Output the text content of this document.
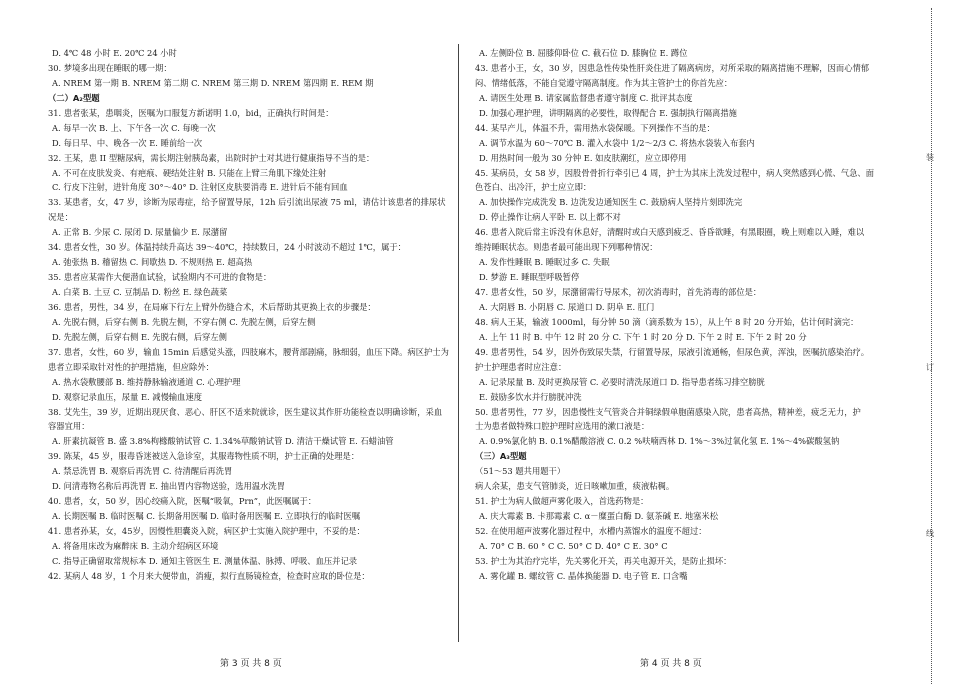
D. 4℃ 48 小时 E. 20℃ 24 小时
30. 梦境多出现在睡眠的哪一期：
A. NREM 第一期 B. NREM 第二期 C. NREM 第三期 D. NREM 第四期 E. REM 期
（二）A₂型题
31. 患者张某，患咽炎，医嘱为口服复方新诺明 1.0，bid，正确执行时间是：
A. 每早一次 B. 上、下午各一次 C. 每晚一次
D. 每日早、中、晚各一次 E. 睡前给一次
32. 王某，患 II 型糖尿病，需长期注射胰岛素，出院时护士对其进行健康指导不当的是：
A. 不可在皮肤发炎、有疤痕、硬结处注射 B. 只能在上臂三角肌下缘处注射
C. 行皮下注射，进针角度 30°～40° D. 注射区皮肤要消毒 E. 进针后不能有回血
33. 某患者，女，47 岁，诊断为尿毒症，给予留置导尿，12h 后引流出尿液 75 ml，请估计该患者的排尿状
况是：
A. 正常 B. 少尿 C. 尿闭 D. 尿量偏少 E. 尿潴留
34. 患者女性，30 岁。体温持续升高达 39～40℃，持续数日，24 小时波动不超过 1℃，属于：
A. 弛张热 B. 稽留热 C. 间歇热 D. 不规则热 E. 超高热
35. 患者应某需作大便潜血试验，试验期内不可进的食物是：
A. 白菜 B. 土豆 C. 豆制品 D. 粉丝 E. 绿色蔬菜
36. 患者，男性，34 岁，在局麻下行左上臂外伤缝合术，术后帮助其更换上衣的步骤是：
A. 先脱右侧，后穿右侧 B. 先脱左侧，不穿右侧 C. 先脱左侧，后穿左侧
D. 先脱左侧，后穿右侧 E. 先脱右侧，后穿左侧
37. 患者，女性，60 岁，输血 15min 后感觉头涨，四肢麻木，腰背部剧痛，脉细弱，血压下降。病区护士为
患者立即采取针对性的护理措施，但应除外：
A. 热水袋敷腰部 B. 维持静脉输液通道 C. 心理护理
D. 观察记录血压，尿量 E. 减慢输血速度
38. 艾先生，39 岁，近期出现厌食、恶心、肝区不适来院就诊，医生建议其作肝功能检查以明确诊断，采血
容器宜用：
A. 肝素抗凝管 B. 盛 3.8%枸橼酸钠试管 C. 1.34%草酸钠试管 D. 清洁干燥试管 E. 石蜡油管
39. 陈某，45 岁，服毒昏迷被送入急诊室，其服毒物性质不明，护士正确的处理是：
A. 禁忌洗胃 B. 观察后再洗胃 C. 待清醒后再洗胃
D. 问清毒物名称后再洗胃 E. 抽出胃内容物送验，选用温水洗胃
40. 患者，女，50 岁，因心绞痛入院，医嘱“吸氧，Prn”，此医嘱属于：
A. 长期医嘱 B. 临时医嘱 C. 长期备用医嘱 D. 临时备用医嘱 E. 立即执行的临时医嘱
41. 患者孙某，女，45岁，因慢性胆囊炎入院，病区护士实施入院护理中，不妥的是：
A. 将备用床改为麻醉床 B. 主动介绍病区环境
C. 指导正确留取常规标本 D. 通知主管医生 E. 测量体温、脉搏、呼吸、血压并记录
42. 某病人 48 岁，1 个月来大便带血，消瘦，拟行直肠镜检查，检查时应取的卧位是：
A. 左侧卧位 B. 屈膝仰卧位 C. 截石位 D. 膝胸位 E. 蹲位
43. 患者小王，女，30 岁，因患急性传染性肝炎住进了隔离病房，对所采取的隔离措施不理解，因而心情郁
闷、情绪低落，不能自觉遵守隔离制度。作为其主管护士的你首先应：
A. 请医生处理 B. 请家属监督患者遵守制度 C. 批评其态度
D. 加强心理护理，讲明隔离的必要性，取得配合 E. 强制执行隔离措施
44. 某早产儿，体温不升，需用热水袋保暖。下列操作不当的是：
A. 调节水温为 60～70℃ B. 灌入水袋中 1/2～2/3 C. 将热水袋装入布套内
D. 用热时间一般为 30 分钟 E. 如皮肤潮红，应立即停用
45. 某病员，女 58 岁，因股骨骨折行牵引已 4 周，护士为其床上洗发过程中，病人突然感到心慌、气急、面
色苍白、出冷汗，护士应立即：
A. 加快操作完成洗发 B. 边洗发边通知医生 C. 鼓励病人坚持片刻即洗完
D. 停止操作让病人平卧 E. 以上都不对
46. 患者入院后常主诉没有休息好，清醒时或白天感到疲乏、昏昏欲睡，有黑眼圈，晚上则难以入睡，难以
维持睡眠状态。则患者最可能出现下列哪种情况：
A. 发作性睡眠 B. 睡眠过多 C. 失眠
D. 梦游 E. 睡眠型呼吸暂停
47. 患者女性，50 岁，尿潴留需行导尿术，初次消毒时，首先消毒的部位是：
A. 大阴唇 B. 小阴唇 C. 尿道口 D. 阴阜 E. 肛门
48. 病人王某，输液 1000ml，每分钟 50 滴（滴系数为 15），从上午 8 时 20 分开始，估计何时滴完：
A. 上午 11 时 B. 中午 12 时 20 分 C. 下午 1 时 20 分 D. 下午 2 时 E. 下午 2 时 20 分
49. 患者男性，54 岁，因外伤致尿失禁，行留置导尿，尿液引流通畅，但尿色黄，浑浊，医嘱抗感染治疗。
护士护理患者时应注意：
A. 记录尿量 B. 及时更换尿管 C. 必要时清洗尿道口 D. 指导患者练习排空膀胱
E. 鼓励多饮水并行膀胱冲洗
50. 患者男性，77 岁，因患慢性支气管炎合并铜绿假单胞菌感染入院，患者高热，精神差，疲乏无力，护
士为患者做特殊口腔护理时应选用的漱口液是：
A. 0.9%氯化钠 B. 0.1%醋酸溶液 C. 0.2 %呋喃西林 D. 1%～3%过氧化氢 E. 1%～4%碳酸氢钠
（三）A₃型题
（51～53 题共用题干）
病人余某，患支气管肺炎，近日咳嗽加重，痰液粘稠。
51. 护士为病人做超声雾化吸入，首选药物是：
A. 庆大霉素 B. 卡那霉素 C. α－糜蛋白酶 D. 氨茶碱 E. 地塞米松
52. 在使用超声波雾化器过程中，水槽内蒸馏水的温度不超过：
A. 70° C B. 60 ° C C. 50° C D. 40° C E. 30° C
53. 护士为其治疗完毕，先关雾化开关，再关电源开关，是防止损坏：
A. 雾化罐 B. 螺纹管 C. 晶体换能器 D. 电子管 E. 口含嘴
第 3 页 共 8 页	第 4 页 共 8 页
装
订
线
